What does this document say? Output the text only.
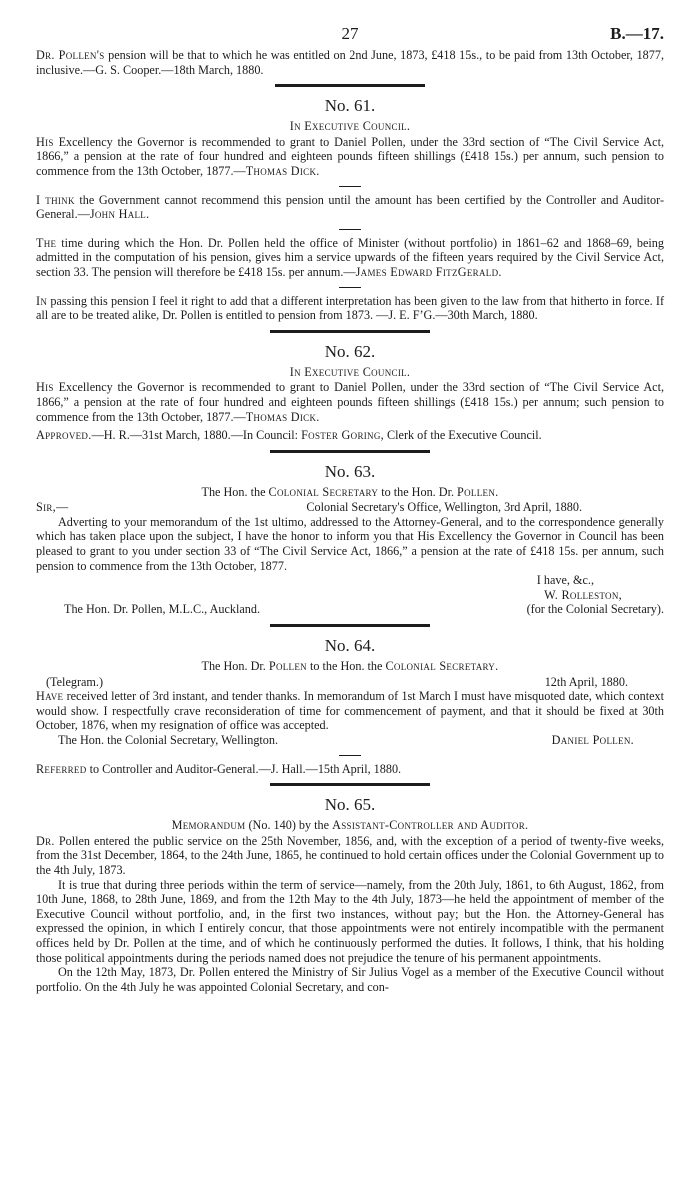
27	B.—17.

Dr. Pollen's pension will be that to which he was entitled on 2nd June, 1873, £418 15s., to be paid from 13th October, 1877, inclusive.—G. S. Cooper.—18th March, 1880.

No. 61.
In Executive Council.

His Excellency the Governor is recommended to grant to Daniel Pollen, under the 33rd section of “The Civil Service Act, 1866,” a pension at the rate of four hundred and eighteen pounds fifteen shillings (£418 15s.) per annum, such pension to commence from the 13th October, 1877.—Thomas Dick.

I think the Government cannot recommend this pension until the amount has been certified by the Controller and Auditor-General.—John Hall.

The time during which the Hon. Dr. Pollen held the office of Minister (without portfolio) in 1861–62 and 1868–69, being admitted in the computation of his pension, gives him a service upwards of the fifteen years required by the Civil Service Act, section 33. The pension will therefore be £418 15s. per annum.—James Edward FitzGerald.

In passing this pension I feel it right to add that a different interpretation has been given to the law from that hitherto in force. If all are to be treated alike, Dr. Pollen is entitled to pension from 1873. —J. E. F’G.—30th March, 1880.

No. 62.
In Executive Council.

His Excellency the Governor is recommended to grant to Daniel Pollen, under the 33rd section of “The Civil Service Act, 1866,” a pension at the rate of four hundred and eighteen pounds fifteen shillings (£418 15s.) per annum; such pension to commence from the 13th October, 1877.—Thomas Dick.

Approved.—H. R.—31st March, 1880.—In Council: Foster Goring, Clerk of the Executive Council.

No. 63.
The Hon. the Colonial Secretary to the Hon. Dr. Pollen.
Sir,—	Colonial Secretary's Office, Wellington, 3rd April, 1880.

Adverting to your memorandum of the 1st ultimo, addressed to the Attorney-General, and to the correspondence generally which has taken place upon the subject, I have the honor to inform you that His Excellency the Governor in Council has been pleased to grant to you under section 33 of “The Civil Service Act, 1866,” a pension at the rate of £418 15s. per annum, such pension to commence from the 13th October, 1877.

I have, &c.,
W. Rolleston,
The Hon. Dr. Pollen, M.L.C., Auckland.	(for the Colonial Secretary).
No. 64.
The Hon. Dr. Pollen to the Hon. the Colonial Secretary.
(Telegram.)	12th April, 1880.

Have received letter of 3rd instant, and tender thanks. In memorandum of 1st March I must have misquoted date, which context would show. I respectfully crave reconsideration of time for commencement of payment, and that it should be fixed at 30th October, 1876, when my resignation of office was accepted.

The Hon. the Colonial Secretary, Wellington.	Daniel Pollen.

Referred to Controller and Auditor-General.—J. Hall.—15th April, 1880.

No. 65.
Memorandum (No. 140) by the Assistant-Controller and Auditor.

Dr. Pollen entered the public service on the 25th November, 1856, and, with the exception of a period of twenty-five weeks, from the 31st December, 1864, to the 24th June, 1865, he continued to hold certain offices under the Colonial Government up to the 4th July, 1873.

It is true that during three periods within the term of service—namely, from the 20th July, 1861, to 6th August, 1862, from 10th June, 1868, to 28th June, 1869, and from the 12th May to the 4th July, 1873—he held the appointment of member of the Executive Council without portfolio, and, in the first two instances, without pay; but the Hon. the Attorney-General has expressed the opinion, in which I entirely concur, that those appointments were not entirely incompatible with the permanent offices held by Dr. Pollen at the time, and of which he continuously performed the duties. It follows, I think, that his holding those political appointments during the periods named does not prejudice the tenure of his permanent appointments.

On the 12th May, 1873, Dr. Pollen entered the Ministry of Sir Julius Vogel as a member of the Executive Council without portfolio. On the 4th July he was appointed Colonial Secretary, and con-
